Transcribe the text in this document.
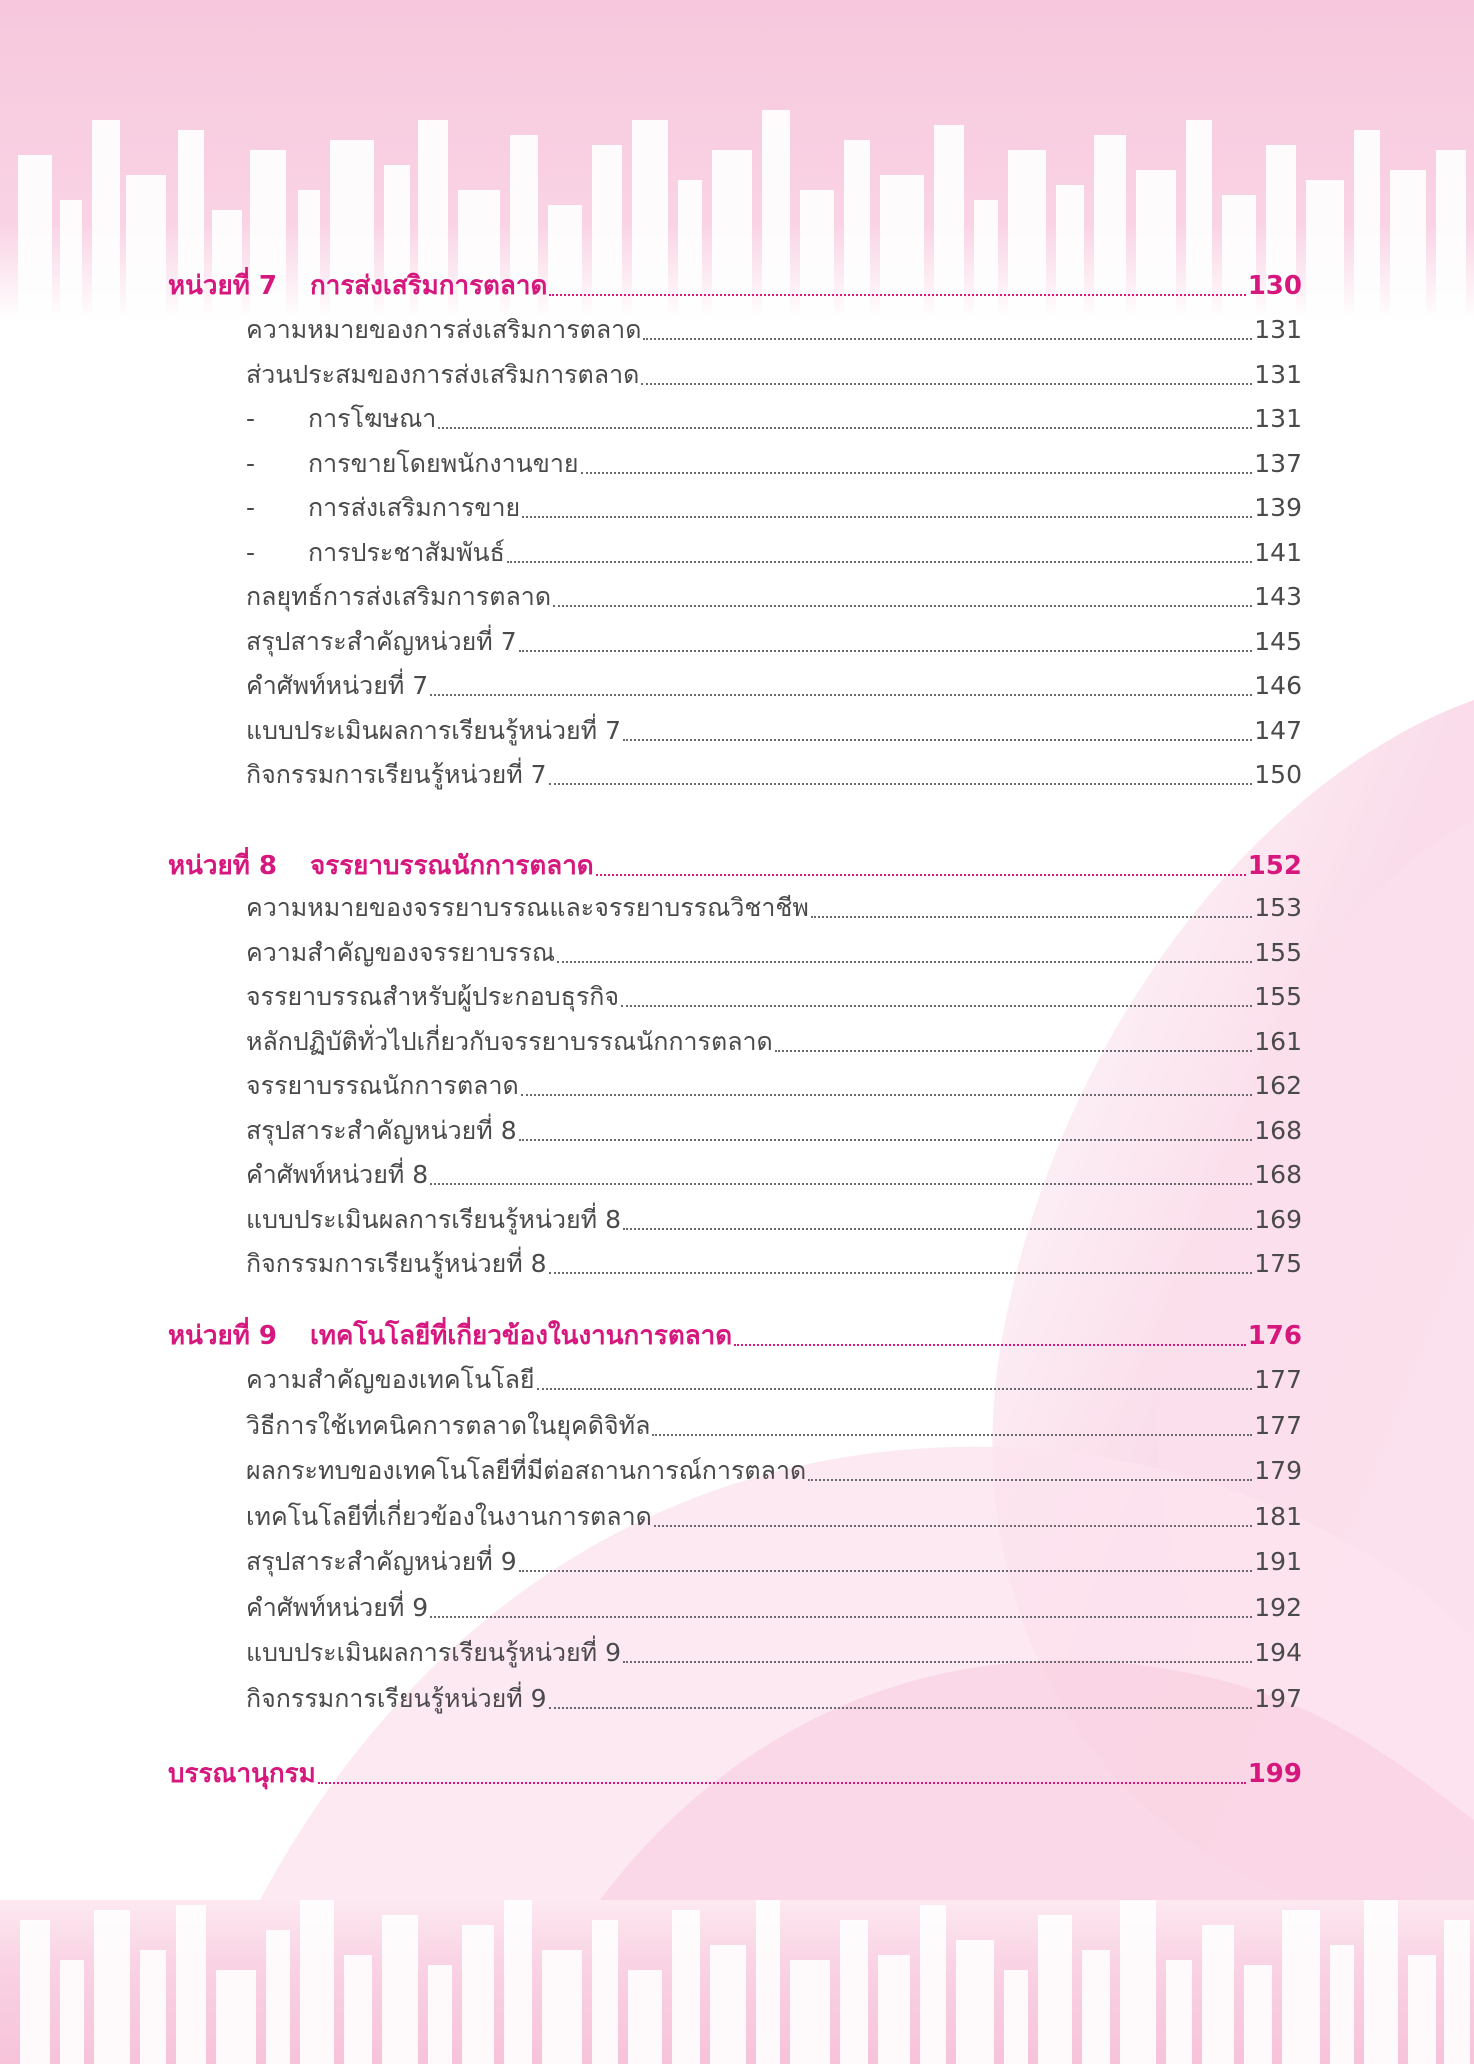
หน่วยที่ 7 การส่งเสริมการตลาด	130
หน่วยที่ 8 จรรยาบรรณนักการตลาด	152
หน่วยที่ 9 เทคโนโลยีที่เกี่ยวข้องในงานการตลาด	176
บรรณานุกรม	199
ความหมายของการส่งเสริมการตลาด	131
ส่วนประสมของการส่งเสริมการตลาด	131
- การโฆษณา	131
- การขายโดยพนักงานขาย	137
- การส่งเสริมการขาย	139
- การประชาสัมพันธ์	141
กลยุทธ์การส่งเสริมการตลาด	143
สรุปสาระสำคัญหน่วยที่ 7	145
คำศัพท์หน่วยที่ 7	146
แบบประเมินผลการเรียนรู้หน่วยที่ 7	147
กิจกรรมการเรียนรู้หน่วยที่ 7	150
ความหมายของจรรยาบรรณและจรรยาบรรณวิชาชีพ	153
ความสำคัญของจรรยาบรรณ	155
จรรยาบรรณสำหรับผู้ประกอบธุรกิจ	155
หลักปฏิบัติทั่วไปเกี่ยวกับจรรยาบรรณนักการตลาด	161
จรรยาบรรณนักการตลาด	162
สรุปสาระสำคัญหน่วยที่ 8	168
คำศัพท์หน่วยที่ 8	168
แบบประเมินผลการเรียนรู้หน่วยที่ 8	169
กิจกรรมการเรียนรู้หน่วยที่ 8	175
ความสำคัญของเทคโนโลยี	177
วิธีการใช้เทคนิคการตลาดในยุคดิจิทัล	177
ผลกระทบของเทคโนโลยีที่มีต่อสถานการณ์การตลาด	179
เทคโนโลยีที่เกี่ยวข้องในงานการตลาด	181
สรุปสาระสำคัญหน่วยที่ 9	191
คำศัพท์หน่วยที่ 9	192
แบบประเมินผลการเรียนรู้หน่วยที่ 9	194
กิจกรรมการเรียนรู้หน่วยที่ 9	197
